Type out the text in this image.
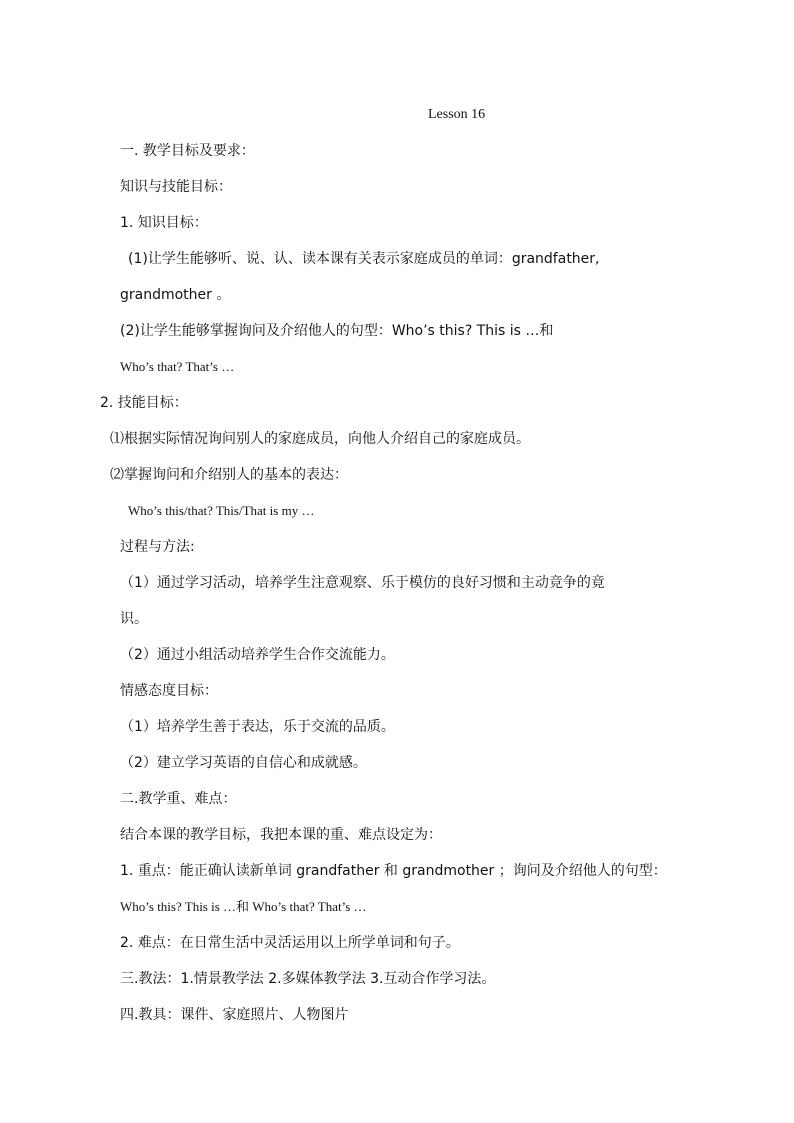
Lesson 16
一. 教学目标及要求：
知识与技能目标：
1. 知识目标：
(1)让学生能够听、说、认、读本课有关表示家庭成员的单词：grandfather,
grandmother 。
(2)让学生能够掌握询问及介绍他人的句型：Who’s this? This is …和
Who’s that? That’s …
2. 技能目标：
⑴根据实际情况询问别人的家庭成员，向他人介绍自己的家庭成员。
⑵掌握询问和介绍别人的基本的表达：
Who’s this/that? This/That is my …
过程与方法:
（1）通过学习活动，培养学生注意观察、乐于模仿的良好习惯和主动竞争的竟
识。
（2）通过小组活动培养学生合作交流能力。
情感态度目标：
（1）培养学生善于表达，乐于交流的品质。
（2）建立学习英语的自信心和成就感。
二.教学重、难点：
结合本课的教学目标，我把本课的重、难点设定为：
1. 重点：能正确认读新单词 grandfather 和 grandmother ；询问及介绍他人的句型：
Who’s this? This is …和 Who’s that? That’s …
2. 难点：在日常生活中灵活运用以上所学单词和句子。
三.教法：1.情景教学法 2.多媒体教学法 3.互动合作学习法。
四.教具：课件、家庭照片、人物图片
